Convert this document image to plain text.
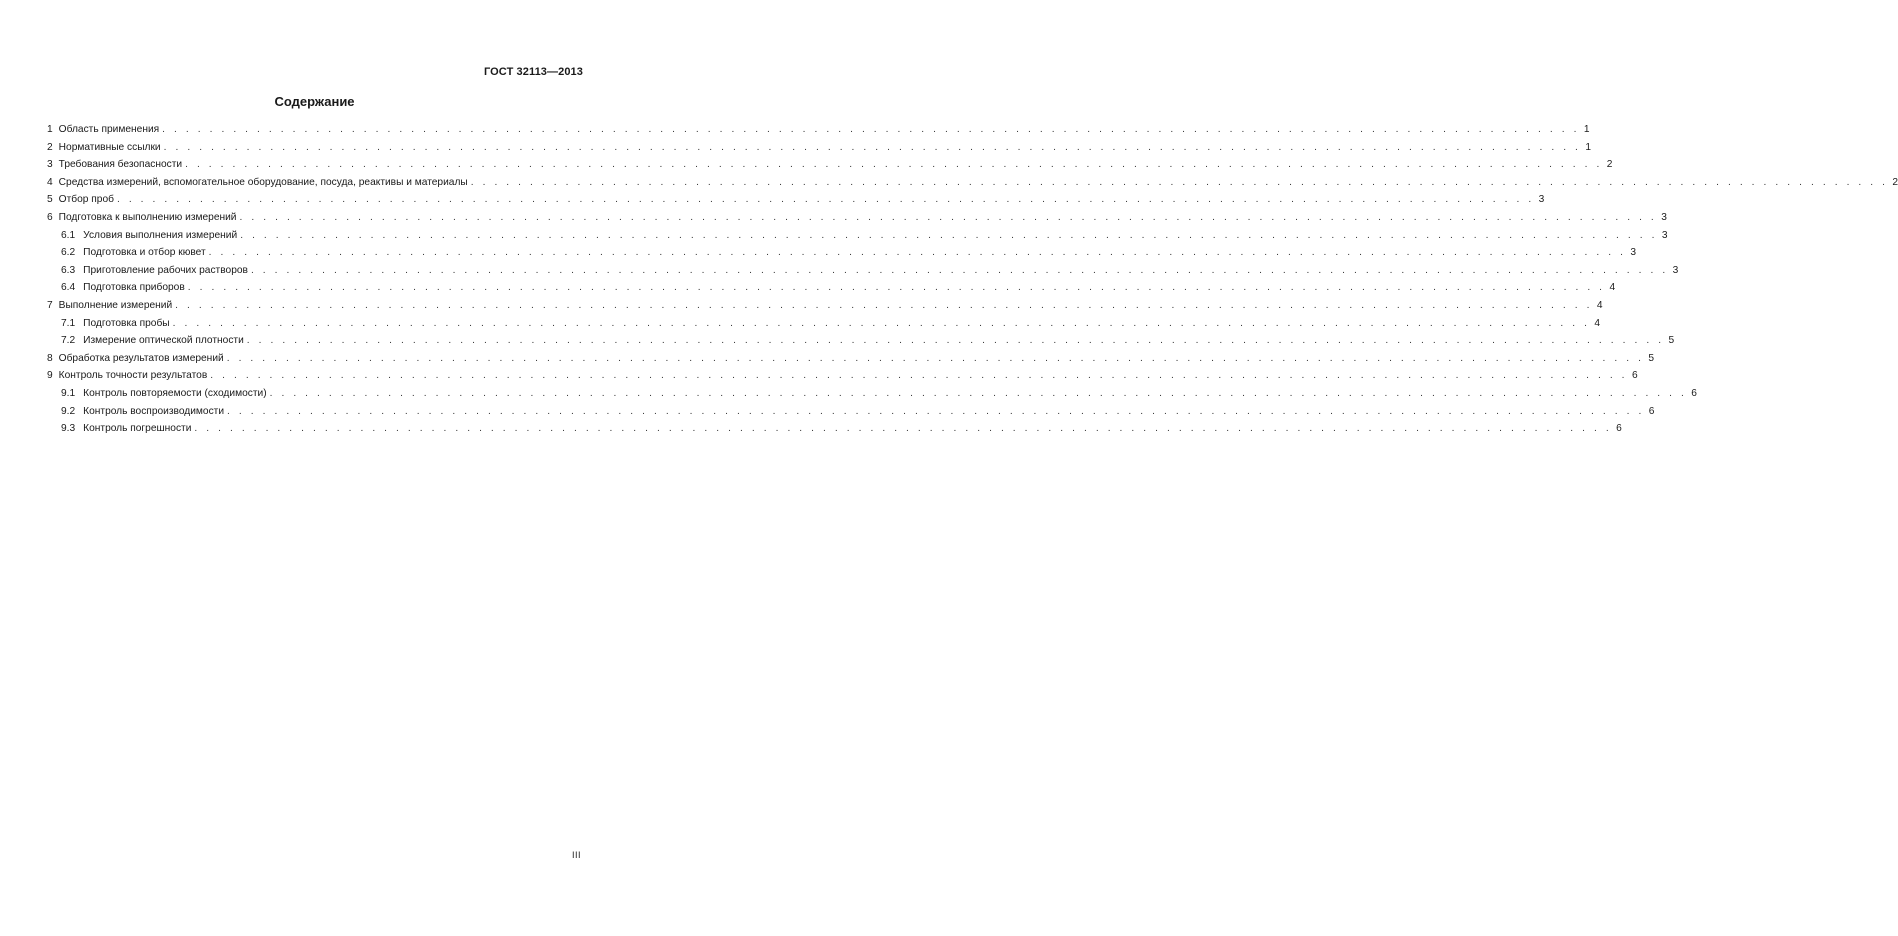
ГОСТ 32113—2013
Содержание
1 Область применения . . .	1
2 Нормативные ссылки . . .	1
3 Требования безопасности . . .	2
4 Средства измерений, вспомогательное оборудование, посуда, реактивы и материалы . . .	2
5 Отбор проб . . .	3
6 Подготовка к выполнению измерений . . .	3
6.1 Условия выполнения измерений . . .	3
6.2 Подготовка и отбор кювет . . .	3
6.3 Приготовление рабочих растворов . . .	3
6.4 Подготовка приборов . . .	4
7 Выполнение измерений . . .	4
7.1 Подготовка пробы . . .	4
7.2 Измерение оптической плотности . . .	5
8 Обработка результатов измерений . . .	5
9 Контроль точности результатов . . .	6
9.1 Контроль повторяемости (сходимости) . . .	6
9.2 Контроль воспроизводимости . . .	6
9.3 Контроль погрешности . . .	6
III
